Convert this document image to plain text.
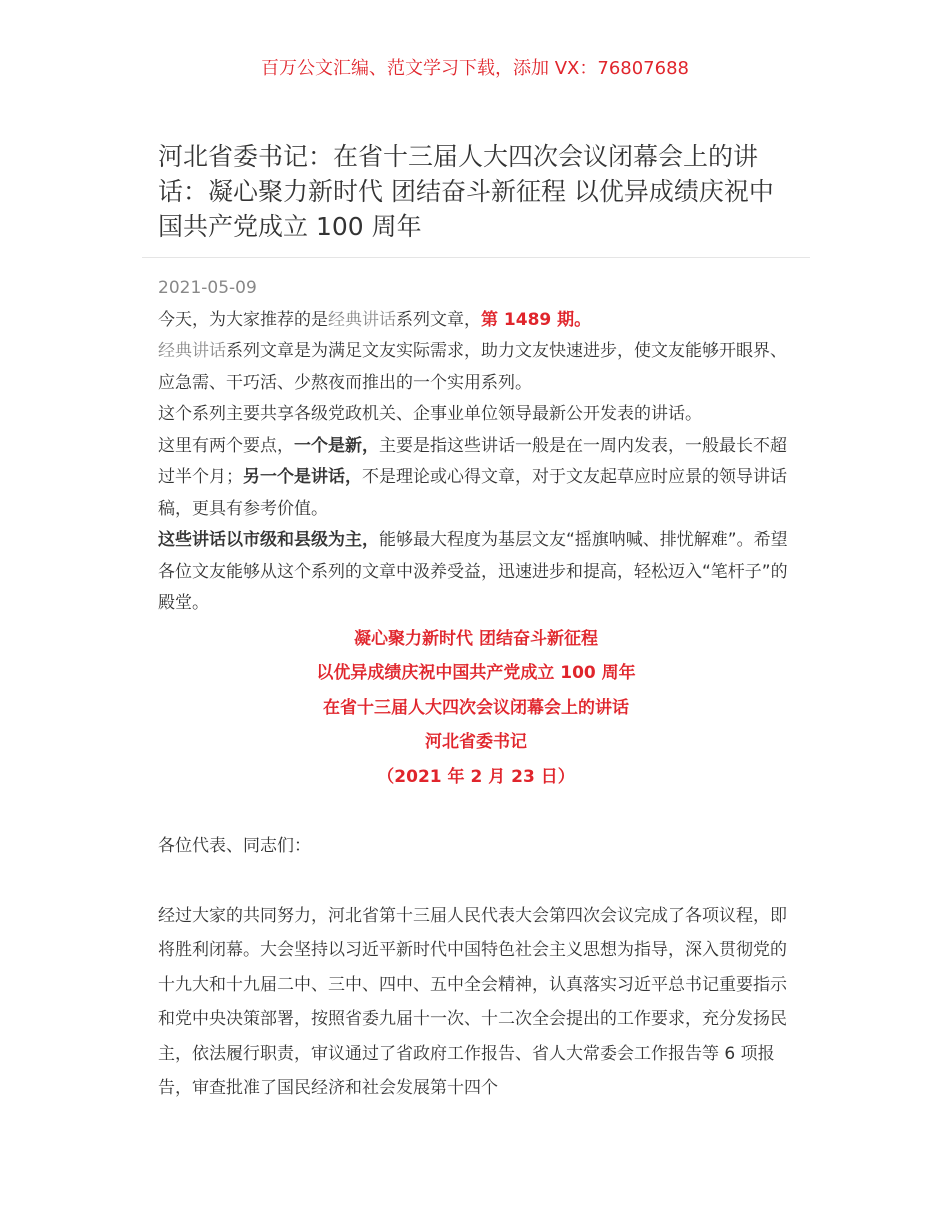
百万公文汇编、范文学习下载，添加 VX：76807688
河北省委书记：在省十三届人大四次会议闭幕会上的讲话：凝心聚力新时代 团结奋斗新征程 以优异成绩庆祝中国共产党成立 100 周年

2021-05-09

今天，为大家推荐的是经典讲话系列文章，第 1489 期。

经典讲话系列文章是为满足文友实际需求，助力文友快速进步，使文友能够开眼界、应急需、干巧活、少熬夜而推出的一个实用系列。

这个系列主要共享各级党政机关、企事业单位领导最新公开发表的讲话。

这里有两个要点，一个是新，主要是指这些讲话一般是在一周内发表，一般最长不超过半个月；另一个是讲话，不是理论或心得文章，对于文友起草应时应景的领导讲话稿，更具有参考价值。

这些讲话以市级和县级为主，能够最大程度为基层文友“摇旗呐喊、排忧解难”。希望各位文友能够从这个系列的文章中汲养受益，迅速进步和提高，轻松迈入“笔杆子”的殿堂。

凝心聚力新时代 团结奋斗新征程
以优异成绩庆祝中国共产党成立 100 周年
在省十三届人大四次会议闭幕会上的讲话
河北省委书记
（2021 年 2 月 23 日）

各位代表、同志们：

经过大家的共同努力，河北省第十三届人民代表大会第四次会议完成了各项议程，即将胜利闭幕。大会坚持以习近平新时代中国特色社会主义思想为指导，深入贯彻党的十九大和十九届二中、三中、四中、五中全会精神，认真落实习近平总书记重要指示和党中央决策部署，按照省委九届十一次、十二次全会提出的工作要求，充分发扬民主，依法履行职责，审议通过了省政府工作报告、省人大常委会工作报告等 6 项报告，审查批准了国民经济和社会发展第十四个
